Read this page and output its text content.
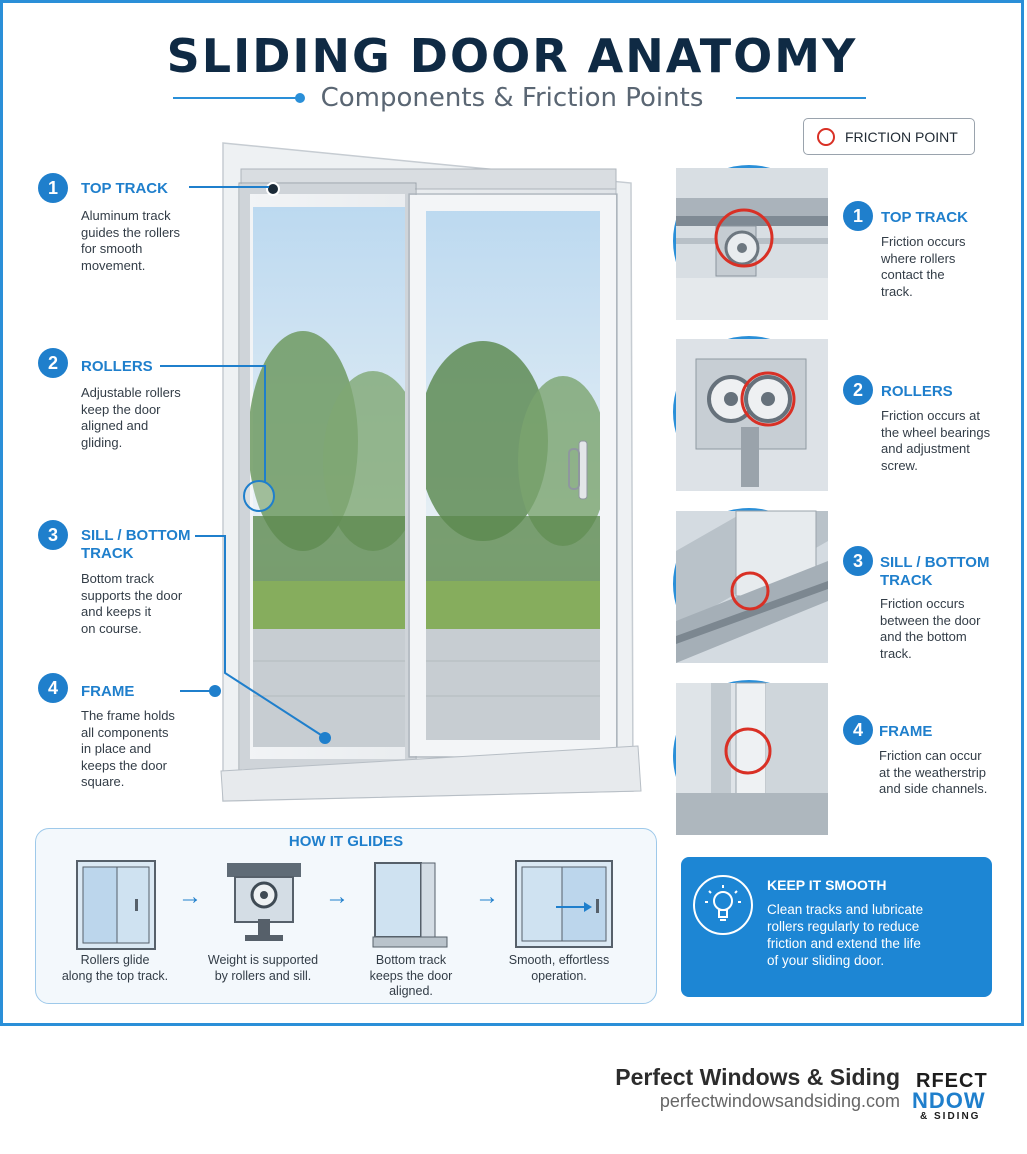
SLIDING DOOR ANATOMY
Components & Friction Points
FRICTION POINT
1	TOP TRACK
Aluminum track
guides the rollers
for smooth
movement.
2	ROLLERS
Adjustable rollers
keep the door
aligned and
gliding.
3	SILL / BOTTOM
TRACK
Bottom track
supports the door
and keeps it
on course.
4	FRAME
The frame holds
all components
in place and
keeps the door
square.
1	TOP TRACK
Friction occurs
where rollers
contact the
track.
2	ROLLERS
Friction occurs at
the wheel bearings
and adjustment
screw.
3	SILL / BOTTOM
TRACK
Friction occurs
between the door
and the bottom
track.
4	FRAME
Friction can occur
at the weatherstrip
and side channels.
HOW IT GLIDES
Rollers glide
along the top track.
Weight is supported
by rollers and sill.
Bottom track
keeps the door
aligned.
Smooth, effortless
operation.
→	→	→	KEEP IT SMOOTH
Clean tracks and lubricate
rollers regularly to reduce
friction and extend the life
of your sliding door.
Perfect Windows & Siding
perfectwindowsandsiding.com
RFECT
NDOW
& SIDING
